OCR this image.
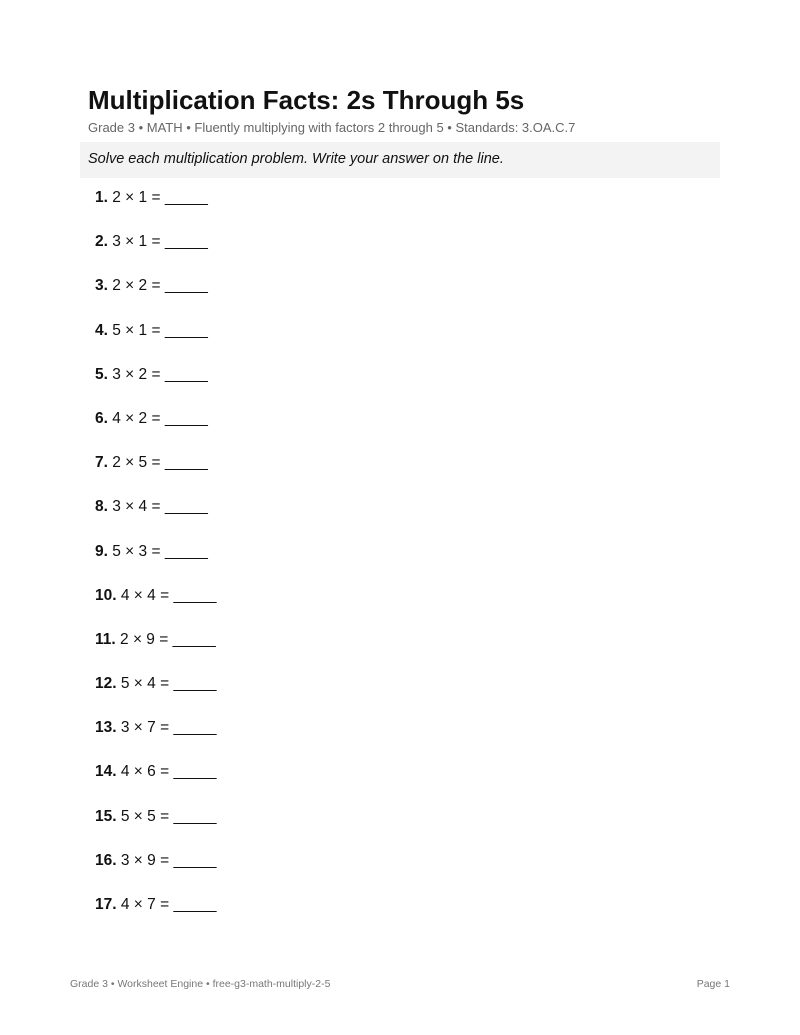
Multiplication Facts: 2s Through 5s
Grade 3 • MATH • Fluently multiplying with factors 2 through 5 • Standards: 3.OA.C.7
Solve each multiplication problem. Write your answer on the line.
1. 2 × 1 = _____
2. 3 × 1 = _____
3. 2 × 2 = _____
4. 5 × 1 = _____
5. 3 × 2 = _____
6. 4 × 2 = _____
7. 2 × 5 = _____
8. 3 × 4 = _____
9. 5 × 3 = _____
10. 4 × 4 = _____
11. 2 × 9 = _____
12. 5 × 4 = _____
13. 3 × 7 = _____
14. 4 × 6 = _____
15. 5 × 5 = _____
16. 3 × 9 = _____
17. 4 × 7 = _____
Grade 3 • Worksheet Engine • free-g3-math-multiply-2-5	Page 1
